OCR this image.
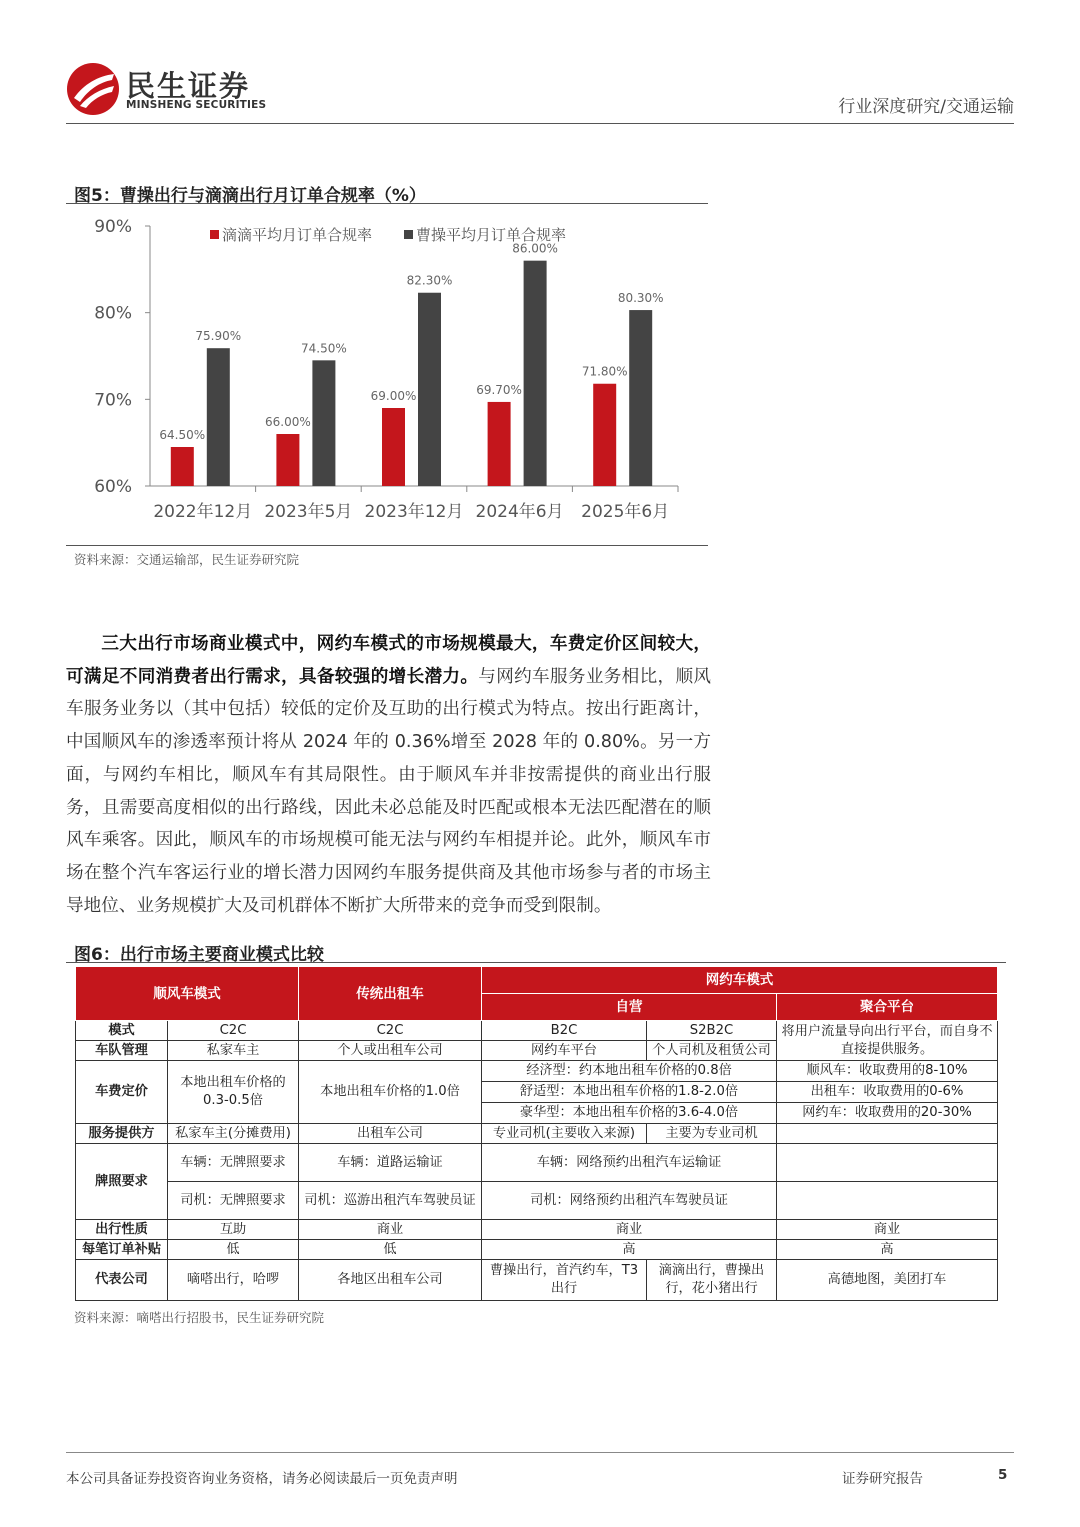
民生证券
MINSHENG SECURITIES	行业深度研究/交通运输
图5：曹操出行与滴滴出行月订单合规率（%）
60%
70%
80%
90%
64.50%
75.90%
2022年12月
66.00%
74.50%
2023年5月
69.00%
82.30%
2023年12月
69.70%
86.00%
2024年6月
71.80%
80.30%
2025年6月
滴滴平均月订单合规率	曹操平均月订单合规率
资料来源：交通运输部，民生证券研究院
三大出行市场商业模式中，网约车模式的市场规模最大，车费定价区间较大，可满足不同消费者出行需求，具备较强的增长潜力。与网约车服务业务相比，顺风车服务业务以（其中包括）较低的定价及互助的出行模式为特点。按出行距离计，中国顺风车的渗透率预计将从 2024 年的 0.36%增至 2028 年的 0.80%。另一方面，与网约车相比，顺风车有其局限性。由于顺风车并非按需提供的商业出行服务，且需要高度相似的出行路线，因此未必总能及时匹配或根本无法匹配潜在的顺风车乘客。因此，顺风车的市场规模可能无法与网约车相提并论。此外，顺风车市场在整个汽车客运行业的增长潜力因网约车服务提供商及其他市场参与者的市场主导地位、业务规模扩大及司机群体不断扩大所带来的竞争而受到限制。
图6：出行市场主要商业模式比较
顺风车模式		传统出租车	网约车模式		
			自营		聚合平台
模式	C2C	C2C	B2C	S2B2C	将用户流量导向出行平台，而自身不直接提供服务。
车队管理	私家车主	个人或出租车公司	网约车平台	个人司机及租赁公司	
车费定价	本地出租车价格的0.3-0.5倍	本地出租车价格的1.0倍	经济型：约本地出租车价格的0.8倍		顺风车：收取费用的8-10%
			舒适型：本地出租车价格的1.8-2.0倍		出租车：收取费用的0-6%
			豪华型：本地出租车价格的3.6-4.0倍		网约车：收取费用的20-30%
服务提供方	私家车主(分摊费用)	出租车公司	专业司机(主要收入来源)	主要为专业司机	
牌照要求	车辆：无牌照要求	车辆：道路运输证	车辆：网络预约出租汽车运输证		
	司机：无牌照要求	司机：巡游出租汽车驾驶员证	司机：网络预约出租汽车驾驶员证		
出行性质	互助	商业	商业		商业
每笔订单补贴	低	低	高		高
代表公司	嘀嗒出行，哈啰	各地区出租车公司	曹操出行，首汽约车，T3出行	滴滴出行，曹操出行，花小猪出行	高德地图，美团打车
资料来源：嘀嗒出行招股书，民生证券研究院
本公司具备证券投资咨询业务资格，请务必阅读最后一页免责声明	证券研究报告	5
